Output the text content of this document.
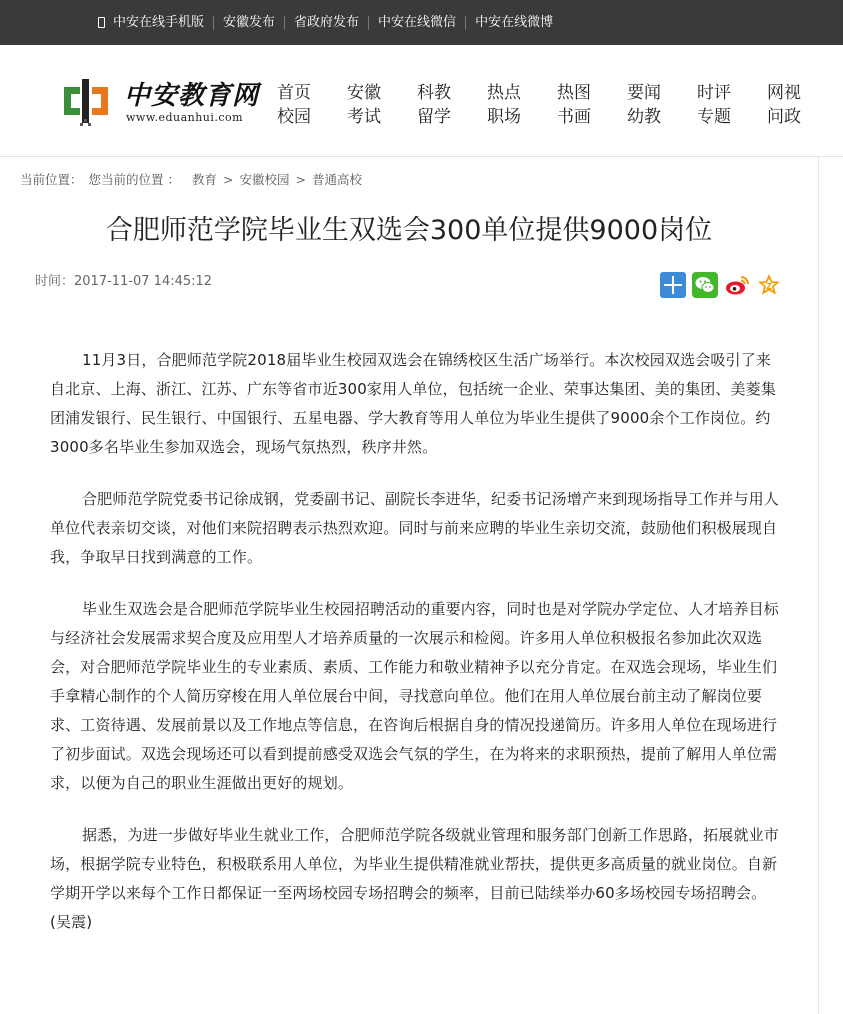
中安在线手机版 安徽发布 省政府发布 中安在线微信 中安在线微博
中安教育网
www.eduanhui.com
首页
校园
安徽
考试
科教
留学
热点
职场
热图
书画
要闻
幼教
时评
专题
网视
问政
当前位置： 您当前的位置 ： 教育 > 安徽校园 > 普通高校
合肥师范学院毕业生双选会300单位提供9000岗位
时间：2017-11-07 14:45:12	Z

11月3日，合肥师范学院2018届毕业生校园双选会在锦绣校区生活广场举行。本次校园双选会吸引了来自北京、上海、浙江、江苏、广东等省市近300家用人单位，包括统一企业、荣事达集团、美的集团、美菱集团浦发银行、民生银行、中国银行、五星电器、学大教育等用人单位为毕业生提供了9000余个工作岗位。约3000多名毕业生参加双选会，现场气氛热烈，秩序井然。

合肥师范学院党委书记徐成钢，党委副书记、副院长李进华，纪委书记汤增产来到现场指导工作并与用人单位代表亲切交谈，对他们来院招聘表示热烈欢迎。同时与前来应聘的毕业生亲切交流，鼓励他们积极展现自我，争取早日找到满意的工作。

毕业生双选会是合肥师范学院毕业生校园招聘活动的重要内容，同时也是对学院办学定位、人才培养目标与经济社会发展需求契合度及应用型人才培养质量的一次展示和检阅。许多用人单位积极报名参加此次双选会，对合肥师范学院毕业生的专业素质、素质、工作能力和敬业精神予以充分肯定。在双选会现场，毕业生们手拿精心制作的个人简历穿梭在用人单位展台中间，寻找意向单位。他们在用人单位展台前主动了解岗位要求、工资待遇、发展前景以及工作地点等信息，在咨询后根据自身的情况投递简历。许多用人单位在现场进行了初步面试。双选会现场还可以看到提前感受双选会气氛的学生，在为将来的求职预热，提前了解用人单位需求，以便为自己的职业生涯做出更好的规划。

据悉，为进一步做好毕业生就业工作，合肥师范学院各级就业管理和服务部门创新工作思路，拓展就业市场，根据学院专业特色，积极联系用人单位，为毕业生提供精准就业帮扶，提供更多高质量的就业岗位。自新学期开学以来每个工作日都保证一至两场校园专场招聘会的频率，目前已陆续举办60多场校园专场招聘会。(吴震)
